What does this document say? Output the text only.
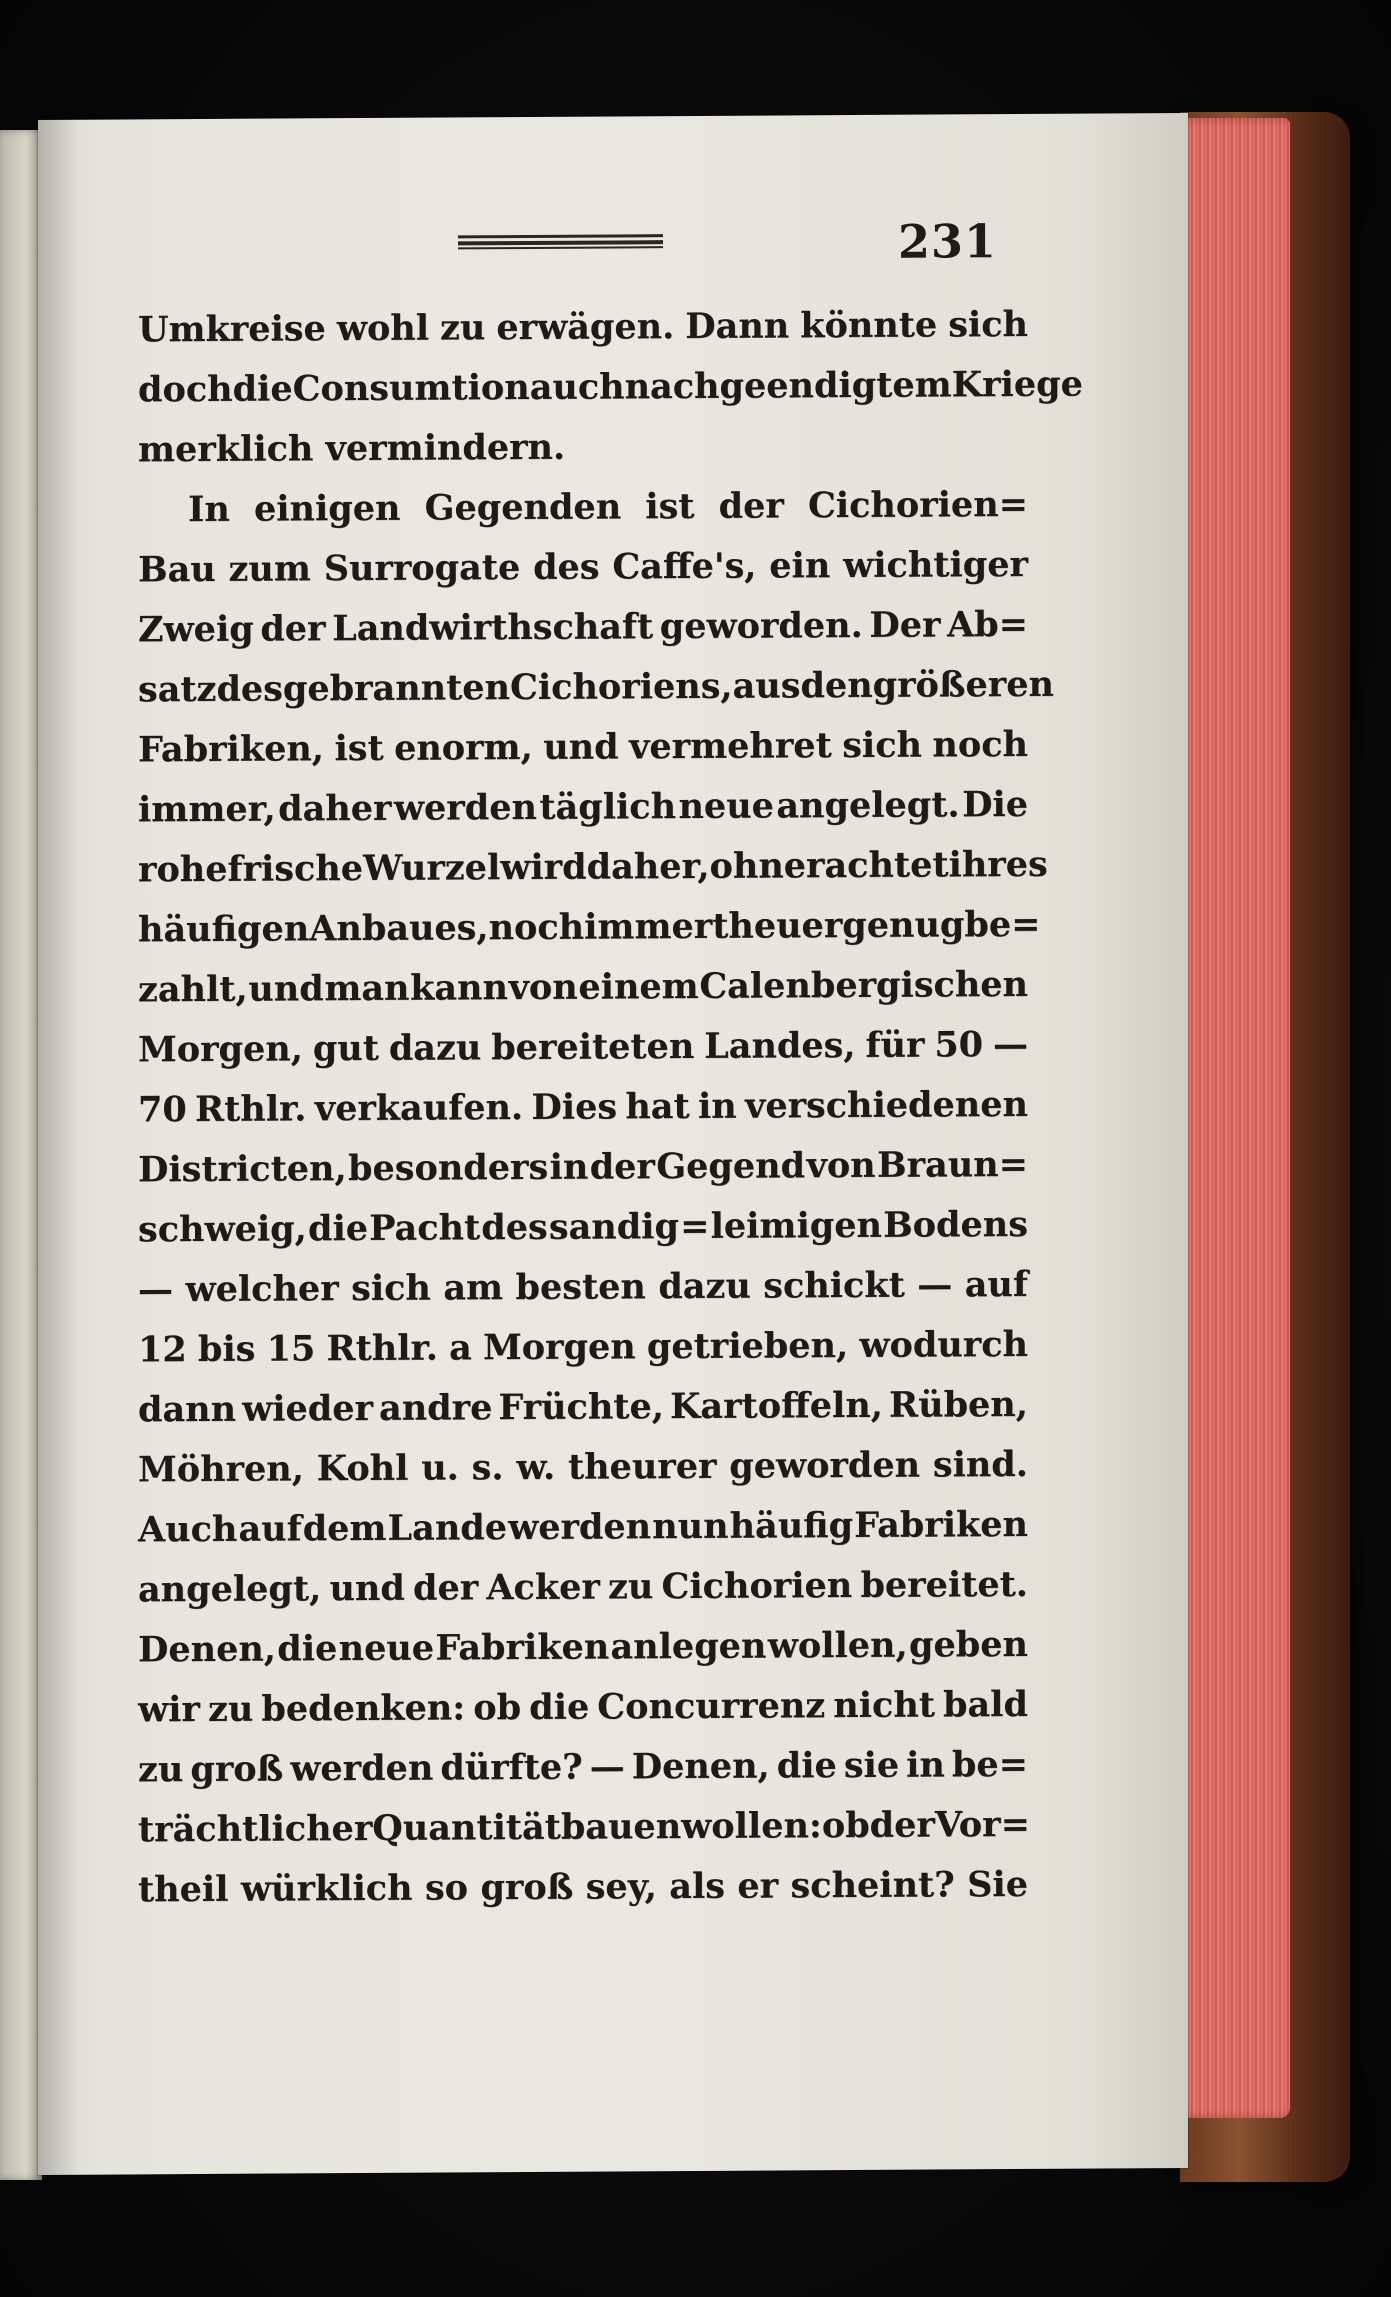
231
Umkreise wohl zu erwägen. Dann könnte sich
doch die Consumtion auch nach geendigtem Kriege
merklich vermindern.
In einigen Gegenden ist der Cichorien=
Bau zum Surrogate des Caffe's, ein wichtiger
Zweig der Landwirthschaft geworden. Der Ab=
satz des gebrannten Cichoriens, aus den größeren
Fabriken, ist enorm, und vermehret sich noch
immer, daher werden täglich neue angelegt. Die
rohe frische Wurzel wird daher, ohnerachtet ihres
häufigen Anbaues, noch immer theuer genug be=
zahlt, und man kann von einem Calenbergischen
Morgen, gut dazu bereiteten Landes, für 50 —
70 Rthlr. verkaufen. Dies hat in verschiedenen
Districten, besonders in der Gegend von Braun=
schweig, die Pacht des sandig = leimigen Bodens
— welcher sich am besten dazu schickt — auf
12 bis 15 Rthlr. a Morgen getrieben, wodurch
dann wieder andre Früchte, Kartoffeln, Rüben,
Möhren, Kohl u. s. w. theurer geworden sind.
Auch auf dem Lande werden nun häufig Fabriken
angelegt, und der Acker zu Cichorien bereitet.
Denen, die neue Fabriken anlegen wollen, geben
wir zu bedenken: ob die Concurrenz nicht bald
zu groß werden dürfte? — Denen, die sie in be=
trächtlicher Quantität bauen wollen: ob der Vor=
theil würklich so groß sey, als er scheint? Sie
